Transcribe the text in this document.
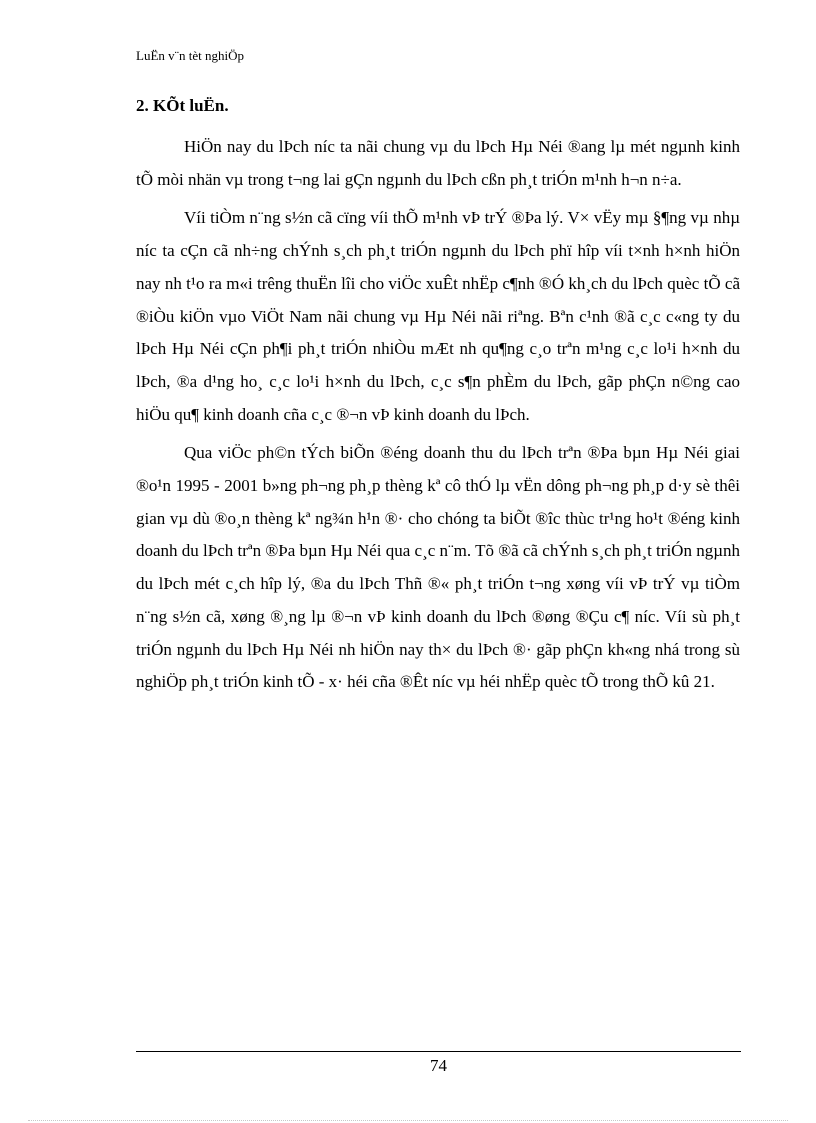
LuËn v¨n tèt nghiÖp
2. KÕt luËn.

HiÖn nay du lÞch níc ta nãi chung vµ du lÞch Hµ Néi ®ang lµ mét ngµnh kinh tÕ mòi nhän vµ trong t¬ng lai gÇn ngµnh du lÞch cßn ph¸t triÓn m¹nh h¬n n÷a.

Víi tiÒm n¨ng s½n cã cïng víi thÕ m¹nh vÞ trÝ ®Þa lý. V× vËy mµ §¶ng vµ nhµ níc ta cÇn cã nh÷ng chÝnh s¸ch ph¸t triÓn ngµnh du lÞch phï hîp víi t×nh h×nh hiÖn nay nh t¹o ra m«i trêng thuËn lîi cho viÖc xuÊt nhËp c¶nh ®Ó kh¸ch du lÞch quèc tÕ cã ®iÒu kiÖn vµo ViÖt Nam nãi chung vµ Hµ Néi nãi riªng. Bªn c¹nh ®ã c¸c c«ng ty du lÞch Hµ Néi cÇn ph¶i ph¸t triÓn nhiÒu mÆt nh qu¶ng c¸o trªn m¹ng c¸c lo¹i h×nh du lÞch, ®a d¹ng ho¸ c¸c lo¹i h×nh du lÞch, c¸c s¶n phÈm du lÞch, gãp phÇn n©ng cao hiÖu qu¶ kinh doanh cña c¸c ®¬n vÞ kinh doanh du lÞch.

Qua viÖc ph©n tÝch biÕn ®éng doanh thu du lÞch trªn ®Þa bµn Hµ Néi giai ®o¹n 1995 - 2001 b»ng ph¬ng ph¸p thèng kª cô thÓ lµ vËn dông ph¬ng ph¸p d·y sè thêi gian vµ dù ®o¸n thèng kª ng¾n h¹n ®· cho chóng ta biÕt ®îc thùc tr¹ng ho¹t ®éng kinh doanh du lÞch trªn ®Þa bµn Hµ Néi qua c¸c n¨m. Tõ ®ã cã chÝnh s¸ch ph¸t triÓn ngµnh du lÞch mét c¸ch hîp lý, ®a du lÞch Thñ ®« ph¸t triÓn t¬ng xøng víi vÞ trÝ vµ tiÒm n¨ng s½n cã, xøng ®¸ng lµ ®¬n vÞ kinh doanh du lÞch ®øng ®Çu c¶ níc. Víi sù ph¸t triÓn ngµnh du lÞch Hµ Néi nh hiÖn nay th× du lÞch ®· gãp phÇn kh«ng nhá trong sù nghiÖp ph¸t triÓn kinh tÕ - x· héi cña ®Êt níc vµ héi nhËp quèc tÕ trong thÕ kû 21.

74
